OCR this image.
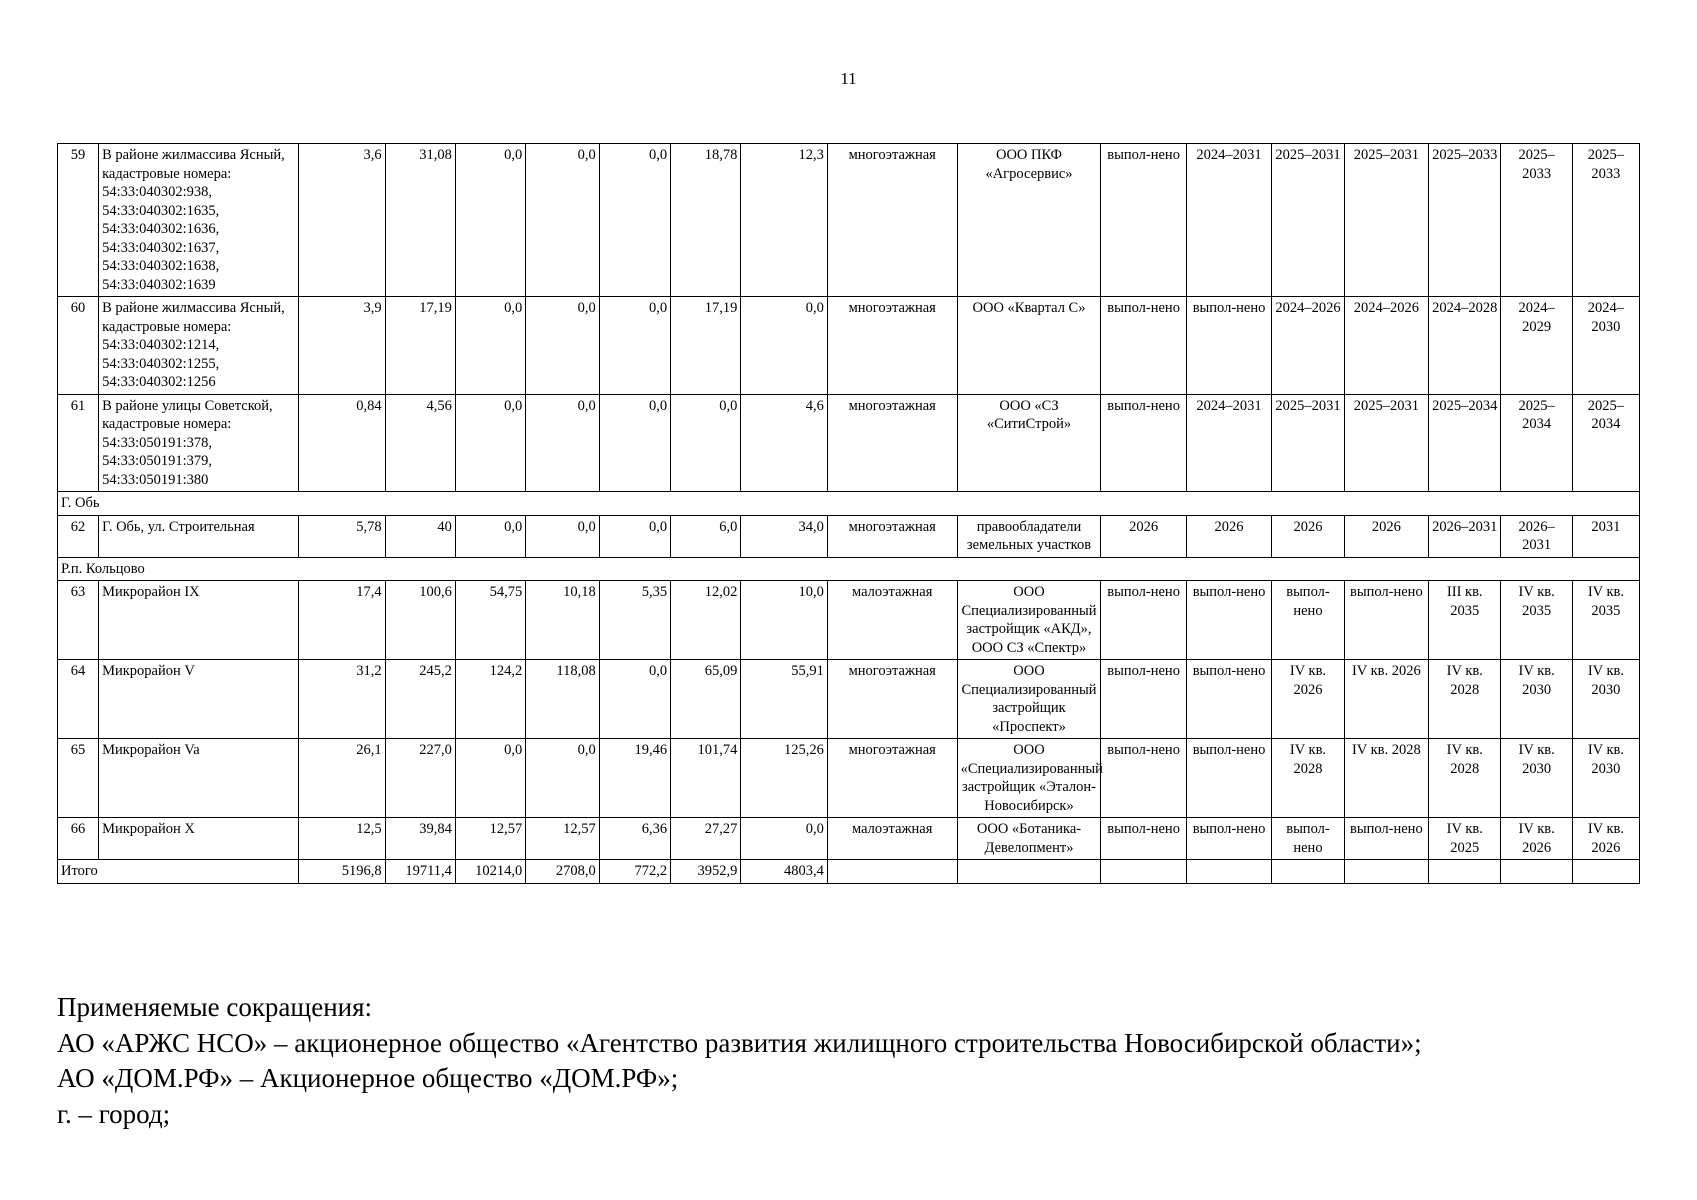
11
59	В районе жилмассива Ясный, кадастровые номера: 54:33:040302:938, 54:33:040302:1635, 54:33:040302:1636, 54:33:040302:1637, 54:33:040302:1638, 54:33:040302:1639	3,6	31,08	0,0	0,0	0,0	18,78	12,3	многоэтажная	ООО ПКФ «Агросервис»	выпол-нено	2024–2031	2025–2031	2025–2031	2025–2033	2025–2033	2025–2033
60	В районе жилмассива Ясный, кадастровые номера: 54:33:040302:1214, 54:33:040302:1255, 54:33:040302:1256	3,9	17,19	0,0	0,0	0,0	17,19	0,0	многоэтажная	ООО «Квартал С»	выпол-нено	выпол-нено	2024–2026	2024–2026	2024–2028	2024–2029	2024–2030
61	В районе улицы Советской, кадастровые номера: 54:33:050191:378, 54:33:050191:379, 54:33:050191:380	0,84	4,56	0,0	0,0	0,0	0,0	4,6	многоэтажная	ООО «СЗ «СитиСтрой»	выпол-нено	2024–2031	2025–2031	2025–2031	2025–2034	2025–2034	2025–2034
Г. Обь																	
62	Г. Обь, ул. Строительная	5,78	40	0,0	0,0	0,0	6,0	34,0	многоэтажная	правообладатели земельных участков	2026	2026	2026	2026	2026–2031	2026–2031	2031
Р.п. Кольцово																	
63	Микрорайон IX	17,4	100,6	54,75	10,18	5,35	12,02	10,0	малоэтажная	ООО Специализированный застройщик «АКД», ООО СЗ «Спектр»	выпол-нено	выпол-нено	выпол-нено	выпол-нено	III кв. 2035	IV кв. 2035	IV кв. 2035
64	Микрорайон V	31,2	245,2	124,2	118,08	0,0	65,09	55,91	многоэтажная	ООО Специализированный застройщик «Проспект»	выпол-нено	выпол-нено	IV кв. 2026	IV кв. 2026	IV кв. 2028	IV кв. 2030	IV кв. 2030
65	Микрорайон Va	26,1	227,0	0,0	0,0	19,46	101,74	125,26	многоэтажная	ООО «Специализированный застройщик «Эталон-Новосибирск»	выпол-нено	выпол-нено	IV кв. 2028	IV кв. 2028	IV кв. 2028	IV кв. 2030	IV кв. 2030
66	Микрорайон X	12,5	39,84	12,57	12,57	6,36	27,27	0,0	малоэтажная	ООО «Ботаника-Девелопмент»	выпол-нено	выпол-нено	выпол-нено	выпол-нено	IV кв. 2025	IV кв. 2026	IV кв. 2026
Итого		5196,8	19711,4	10214,0	2708,0	772,2	3952,9	4803,4									
Применяемые сокращения:
АО «АРЖС НСО» – акционерное общество «Агентство развития жилищного строительства Новосибирской области»;
АО «ДОМ.РФ» – Акционерное общество «ДОМ.РФ»;
г. – город;
